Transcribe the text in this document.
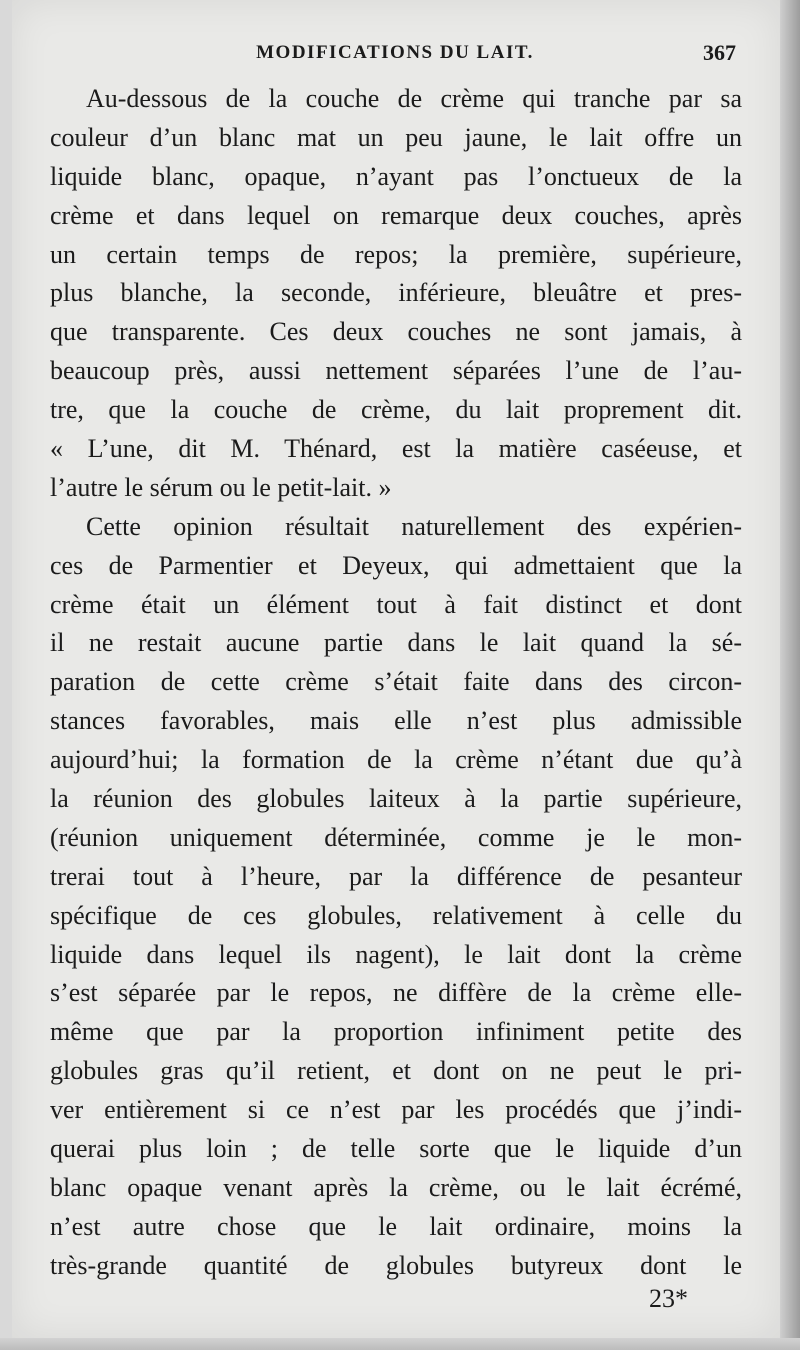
MODIFICATIONS DU LAIT.	367
Au-dessous de la couche de crème qui tranche par sa
couleur d’un blanc mat un peu jaune, le lait offre un
liquide blanc, opaque, n’ayant pas l’onctueux de la
crème et dans lequel on remarque deux couches, après
un certain temps de repos; la première, supérieure,
plus blanche, la seconde, inférieure, bleuâtre et pres-
que transparente. Ces deux couches ne sont jamais, à
beaucoup près, aussi nettement séparées l’une de l’au-
tre, que la couche de crème, du lait proprement dit.
« L’une, dit M. Thénard, est la matière caséeuse, et
l’autre le sérum ou le petit-lait. »
Cette opinion résultait naturellement des expérien-
ces de Parmentier et Deyeux, qui admettaient que la
crème était un élément tout à fait distinct et dont
il ne restait aucune partie dans le lait quand la sé-
paration de cette crème s’était faite dans des circon-
stances favorables, mais elle n’est plus admissible
aujourd’hui; la formation de la crème n’étant due qu’à
la réunion des globules laiteux à la partie supérieure,
(réunion uniquement déterminée, comme je le mon-
trerai tout à l’heure, par la différence de pesanteur
spécifique de ces globules, relativement à celle du
liquide dans lequel ils nagent), le lait dont la crème
s’est séparée par le repos, ne diffère de la crème elle-
même que par la proportion infiniment petite des
globules gras qu’il retient, et dont on ne peut le pri-
ver entièrement si ce n’est par les procédés que j’indi-
querai plus loin ; de telle sorte que le liquide d’un
blanc opaque venant après la crème, ou le lait écrémé,
n’est autre chose que le lait ordinaire, moins la
très-grande quantité de globules butyreux dont le
23*
